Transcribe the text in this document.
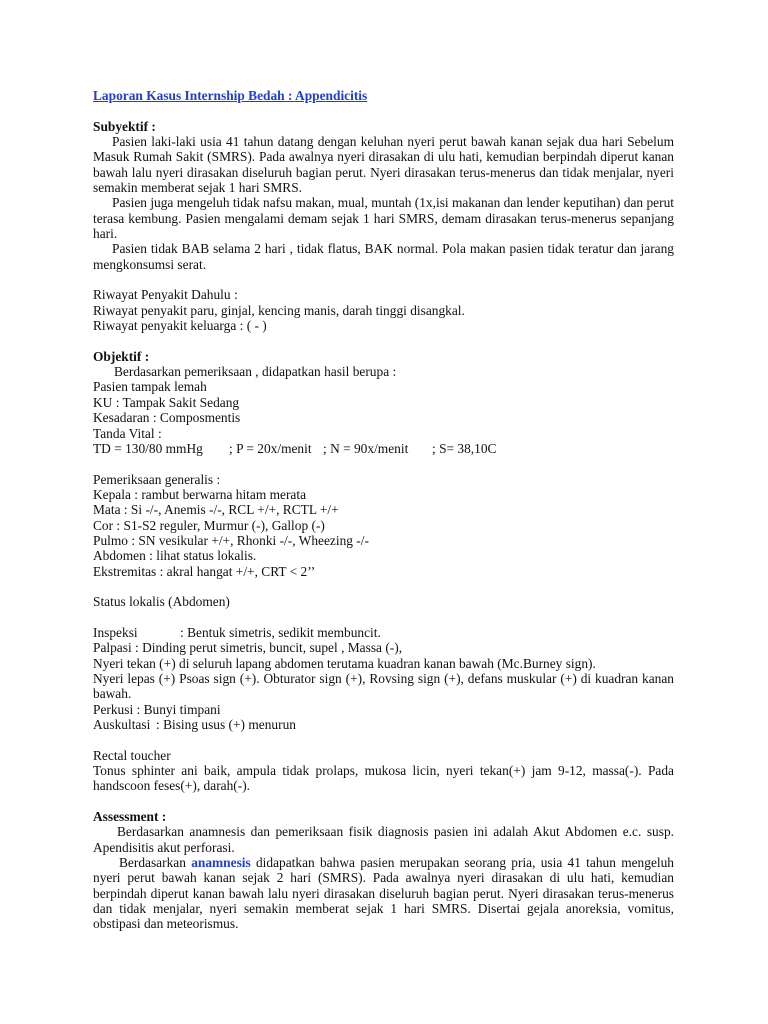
Laporan Kasus Internship Bedah : Appendicitis
Subyektif :
Pasien laki-laki usia 41 tahun datang dengan keluhan nyeri perut bawah kanan sejak dua hari Sebelum Masuk Rumah Sakit (SMRS). Pada awalnya nyeri dirasakan di ulu hati, kemudian berpindah diperut kanan bawah lalu nyeri dirasakan diseluruh bagian perut. Nyeri dirasakan terus-menerus dan tidak menjalar, nyeri semakin memberat sejak 1 hari SMRS.
Pasien juga mengeluh tidak nafsu makan, mual, muntah (1x,isi makanan dan lender keputihan) dan perut terasa kembung. Pasien mengalami demam sejak 1 hari SMRS, demam dirasakan terus-menerus sepanjang hari.
Pasien tidak BAB selama 2 hari , tidak flatus, BAK normal. Pola makan pasien tidak teratur dan jarang mengkonsumsi serat.
Riwayat Penyakit Dahulu :
Riwayat penyakit paru, ginjal, kencing manis, darah tinggi disangkal.
Riwayat penyakit keluarga : ( - )
Objektif :
Berdasarkan pemeriksaan , didapatkan hasil berupa :
Pasien tampak lemah
KU : Tampak Sakit Sedang
Kesadaran : Composmentis
Tanda Vital :
TD = 130/80 mmHg ; P = 20x/menit ; N = 90x/menit ; S= 38,10C
Pemeriksaan generalis :
Kepala : rambut berwarna hitam merata
Mata : Si -/-, Anemis -/-, RCL +/+, RCTL +/+
Cor : S1-S2 reguler, Murmur (-), Gallop (-)
Pulmo : SN vesikular +/+, Rhonki -/-, Wheezing -/-
Abdomen : lihat status lokalis.
Ekstremitas : akral hangat +/+, CRT < 2’’
Status lokalis (Abdomen)
Inspeksi	: Bentuk simetris, sedikit membuncit.
Palpasi : Dinding perut simetris, buncit, supel , Massa (-),
Nyeri tekan (+) di seluruh lapang abdomen terutama kuadran kanan bawah (Mc.Burney sign).
Nyeri lepas (+) Psoas sign (+). Obturator sign (+), Rovsing sign (+), defans muskular (+) di kuadran kanan bawah.
Perkusi : Bunyi timpani
Auskultasi : Bising usus (+) menurun
Rectal toucher
Tonus sphinter ani baik, ampula tidak prolaps, mukosa licin, nyeri tekan(+) jam 9-12, massa(-). Pada handscoon feses(+), darah(-).
Assessment :
Berdasarkan anamnesis dan pemeriksaan fisik diagnosis pasien ini adalah Akut Abdomen e.c. susp. Apendisitis akut perforasi.
Berdasarkan anamnesis didapatkan bahwa pasien merupakan seorang pria, usia 41 tahun mengeluh nyeri perut bawah kanan sejak 2 hari (SMRS). Pada awalnya nyeri dirasakan di ulu hati, kemudian berpindah diperut kanan bawah lalu nyeri dirasakan diseluruh bagian perut. Nyeri dirasakan terus-menerus dan tidak menjalar, nyeri semakin memberat sejak 1 hari SMRS. Disertai gejala anoreksia, vomitus, obstipasi dan meteorismus.
